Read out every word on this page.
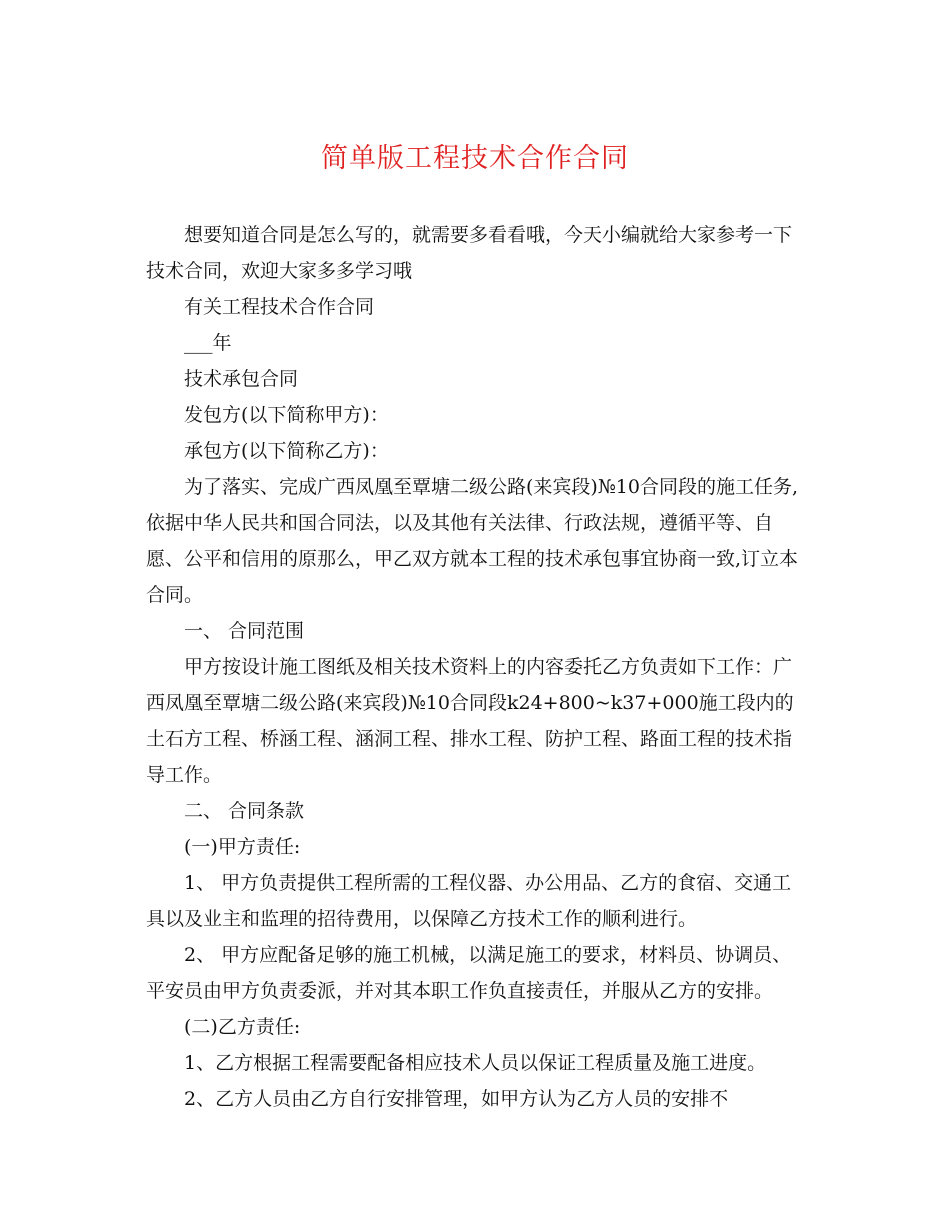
简单版工程技术合作合同

想要知道合同是怎么写的，就需要多看看哦，今天小编就给大家参考一下技术合同，欢迎大家多多学习哦

有关工程技术合作合同

___年

技术承包合同

发包方(以下简称甲方)：

承包方(以下简称乙方)：

为了落实、完成广西凤凰至覃塘二级公路(来宾段)№10合同段的施工任务,依据中华人民共和国合同法，以及其他有关法律、行政法规，遵循平等、自愿、公平和信用的原那么，甲乙双方就本工程的技术承包事宜协商一致,订立本合同。

一、 合同范围

甲方按设计施工图纸及相关技术资料上的内容委托乙方负责如下工作：广西凤凰至覃塘二级公路(来宾段)№10合同段k24+800~k37+000施工段内的土石方工程、桥涵工程、涵洞工程、排水工程、防护工程、路面工程的技术指导工作。

二、 合同条款

(一)甲方责任:

1、 甲方负责提供工程所需的工程仪器、办公用品、乙方的食宿、交通工具以及业主和监理的招待费用，以保障乙方技术工作的顺利进行。

2、 甲方应配备足够的施工机械，以满足施工的要求，材料员、协调员、平安员由甲方负责委派，并对其本职工作负直接责任，并服从乙方的安排。

(二)乙方责任:

1、乙方根据工程需要配备相应技术人员以保证工程质量及施工进度。

2、乙方人员由乙方自行安排管理，如甲方认为乙方人员的安排不
